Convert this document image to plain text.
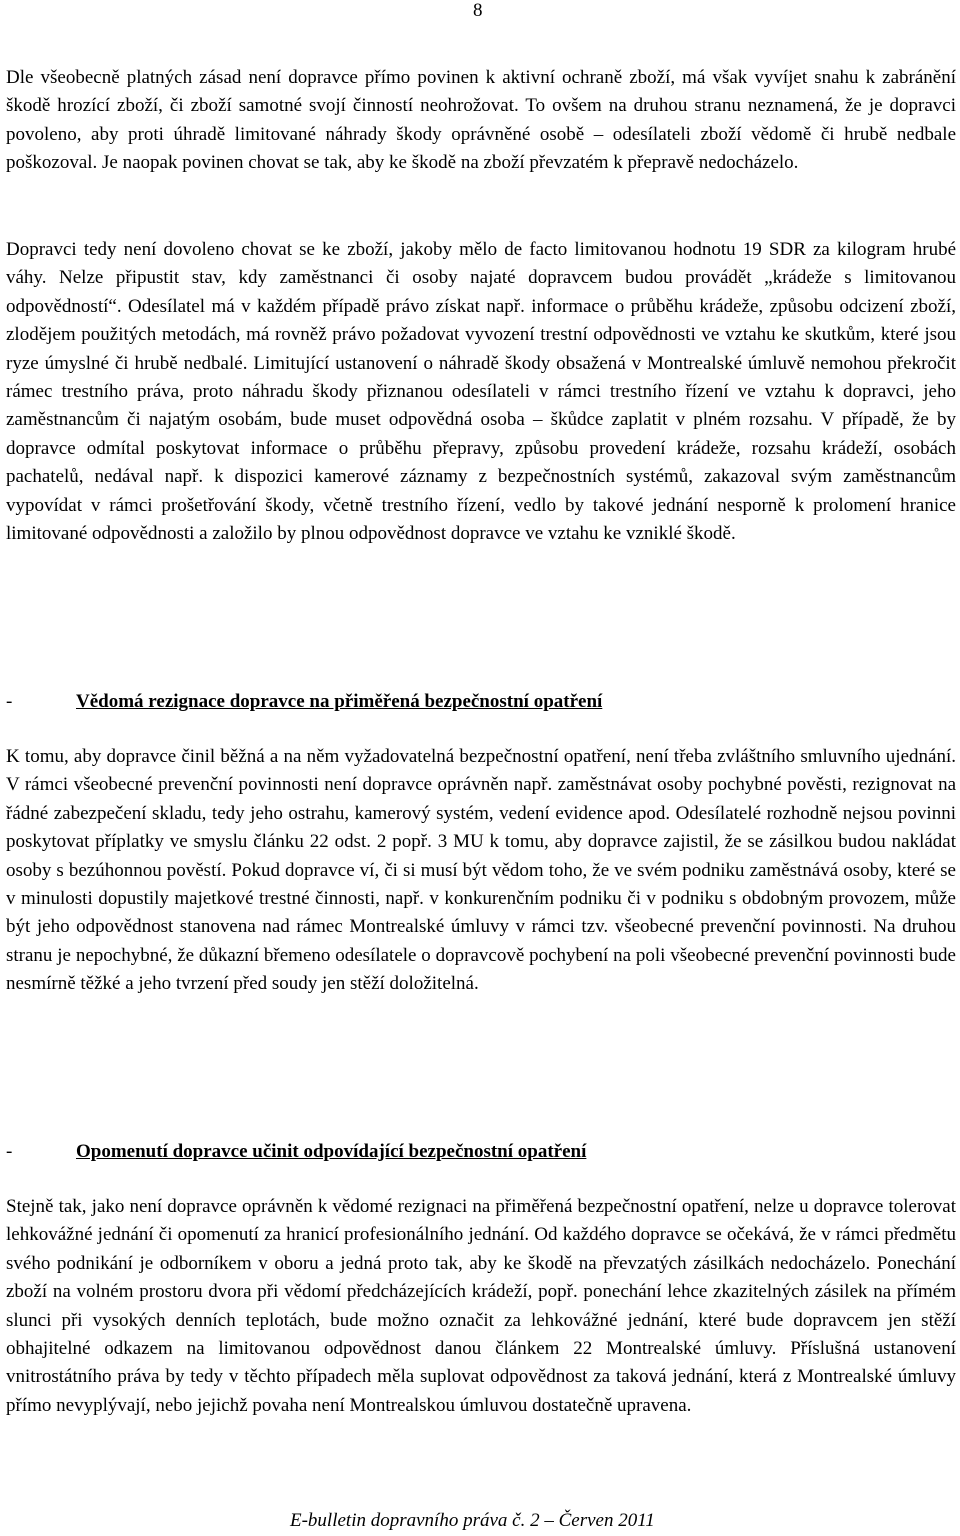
8

Dle všeobecně platných zásad není dopravce přímo povinen k aktivní ochraně zboží, má však vyvíjet snahu k zabránění škodě hrozící zboží, či zboží samotné svojí činností neohrožovat. To ovšem na druhou stranu neznamená, že je dopravci povoleno, aby proti úhradě limitované náhrady škody oprávněné osobě – odesílateli zboží vědomě či hrubě nedbale poškozoval. Je naopak povinen chovat se tak, aby ke škodě na zboží převzatém k přepravě nedocházelo.

Dopravci tedy není dovoleno chovat se ke zboží, jakoby mělo de facto limitovanou hodnotu 19 SDR za kilogram hrubé váhy. Nelze připustit stav, kdy zaměstnanci či osoby najaté dopravcem budou provádět „krádeže s limitovanou odpovědností“. Odesílatel má v každém případě právo získat např. informace o průběhu krádeže, způsobu odcizení zboží, zlodějem použitých metodách, má rovněž právo požadovat vyvození trestní odpovědnosti ve vztahu ke skutkům, které jsou ryze úmyslné či hrubě nedbalé. Limitující ustanovení o náhradě škody obsažená v Montrealské úmluvě nemohou překročit rámec trestního práva, proto náhradu škody přiznanou odesílateli v rámci trestního řízení ve vztahu k dopravci, jeho zaměstnancům či najatým osobám, bude muset odpovědná osoba – škůdce zaplatit v plném rozsahu. V případě, že by dopravce odmítal poskytovat informace o průběhu přepravy, způsobu provedení krádeže, rozsahu krádeží, osobách pachatelů, nedával např. k dispozici kamerové záznamy z bezpečnostních systémů, zakazoval svým zaměstnancům vypovídat v rámci prošetřování škody, včetně trestního řízení, vedlo by takové jednání nesporně k prolomení hranice limitované odpovědnosti a založilo by plnou odpovědnost dopravce ve vztahu ke vzniklé škodě.

-	Vědomá rezignace dopravce na přiměřená bezpečnostní opatření

K tomu, aby dopravce činil běžná a na něm vyžadovatelná bezpečnostní opatření, není třeba zvláštního smluvního ujednání. V rámci všeobecné prevenční povinnosti není dopravce oprávněn např. zaměstnávat osoby pochybné pověsti, rezignovat na řádné zabezpečení skladu, tedy jeho ostrahu, kamerový systém, vedení evidence apod. Odesílatelé rozhodně nejsou povinni poskytovat příplatky ve smyslu článku 22 odst. 2 popř. 3 MU k tomu, aby dopravce zajistil, že se zásilkou budou nakládat osoby s bezúhonnou pověstí. Pokud dopravce ví, či si musí být vědom toho, že ve svém podniku zaměstnává osoby, které se v minulosti dopustily majetkové trestné činnosti, např. v konkurenčním podniku či v podniku s obdobným provozem, může být jeho odpovědnost stanovena nad rámec Montrealské úmluvy v rámci tzv. všeobecné prevenční povinnosti. Na druhou stranu je nepochybné, že důkazní břemeno odesílatele o dopravcově pochybení na poli všeobecné prevenční povinnosti bude nesmírně těžké a jeho tvrzení před soudy jen stěží doložitelná.

-	Opomenutí dopravce učinit odpovídající bezpečnostní opatření

Stejně tak, jako není dopravce oprávněn k vědomé rezignaci na přiměřená bezpečnostní opatření, nelze u dopravce tolerovat lehkovážné jednání či opomenutí za hranicí profesionálního jednání. Od každého dopravce se očekává, že v rámci předmětu svého podnikání je odborníkem v oboru a jedná proto tak, aby ke škodě na převzatých zásilkách nedocházelo. Ponechání zboží na volném prostoru dvora při vědomí předcházejících krádeží, popř. ponechání lehce zkazitelných zásilek na přímém slunci při vysokých denních teplotách, bude možno označit za lehkovážné jednání, které bude dopravcem jen stěží obhajitelné odkazem na limitovanou odpovědnost danou článkem 22 Montrealské úmluvy. Příslušná ustanovení vnitrostátního práva by tedy v těchto případech měla suplovat odpovědnost za taková jednání, která z Montrealské úmluvy přímo nevyplývají, nebo jejichž povaha není Montrealskou úmluvou dostatečně upravena.

E-bulletin dopravního práva č. 2 – Červen 2011
